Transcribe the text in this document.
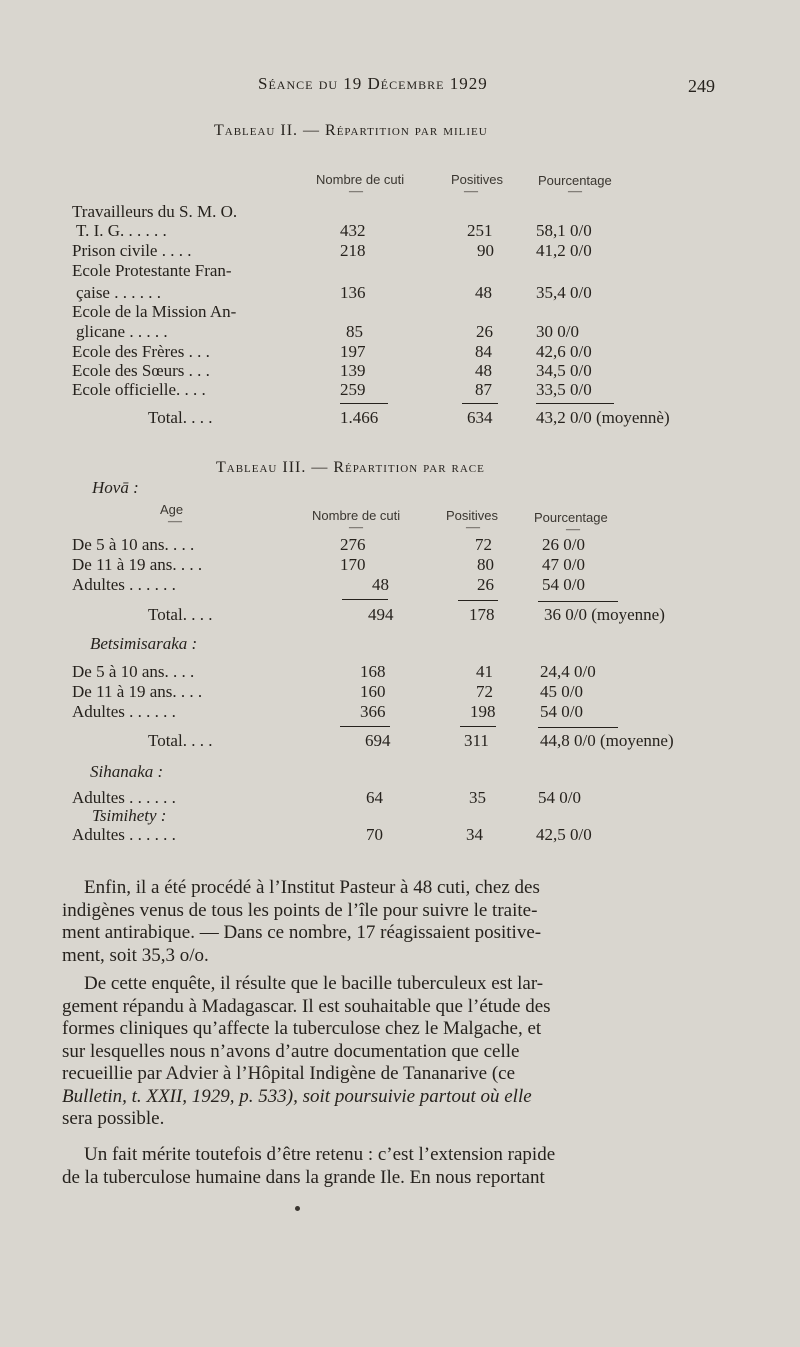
Séance du 19 Décembre 1929	249
Tableau II. — Répartition par milieu
Nombre de cuti	Positives	Pourcentage
—	—	—
Travailleurs du S. M. O.
T. I. G. . . . . .	432	251	58,1 0/0
Prison civile . . . .	218	90 41,2 0/0
Ecole Protestante Fran-
çaise . . . . . .	136	48	35,4 0/0
Ecole de la Mission An-
glicane . . . . .	85	26	30 0/0
Ecole des Frères . . .	197	84	42,6 0/0
Ecole des Sœurs . . .	139	48	34,5 0/0
Ecole officielle. . . .	259	87	33,5 0/0
Total. . . .	1.466	634	43,2 0/0 (moyennè)
Tableau III. — Répartition par race
Hovā :
Age	Nombre de cuti	Positives	Pourcentage
—	—	—	—
De 5 à 10 ans. . . .	276	72	26 0/0
De 11 à 19 ans. . . .	170	80	47 0/0
Adultes . . . . . .	48	26	54 0/0
Total. . . .	494	178	36 0/0 (moyenne)
Betsimisaraka :
De 5 à 10 ans. . . .	168	41	24,4 0/0
De 11 à 19 ans. . . .	160	72	45 0/0
Adultes . . . . . .	366	198	54 0/0
Total. . . .	694	311	44,8 0/0 (moyenne)
Sihanaka :
Adultes . . . . . .	64	35	54 0/0
Tsimihety :
Adultes . . . . . .	70	34	42,5 0/0
Enfin, il a été procédé à l’Institut Pasteur à 48 cuti, chez des
indigènes venus de tous les points de l’île pour suivre le traite-
ment antirabique. — Dans ce nombre, 17 réagissaient positive-
ment, soit 35,3 o/o.
De cette enquête, il résulte que le bacille tuberculeux est lar-
gement répandu à Madagascar. Il est souhaitable que l’étude des
formes cliniques qu’affecte la tuberculose chez le Malgache, et
sur lesquelles nous n’avons d’autre documentation que celle
recueillie par Advier à l’Hôpital Indigène de Tananarive (ce
Bulletin, t. XXII, 1929, p. 533), soit poursuivie partout où elle
sera possible.
Un fait mérite toutefois d’être retenu : c’est l’extension rapide
de la tuberculose humaine dans la grande Ile. En nous reportant
